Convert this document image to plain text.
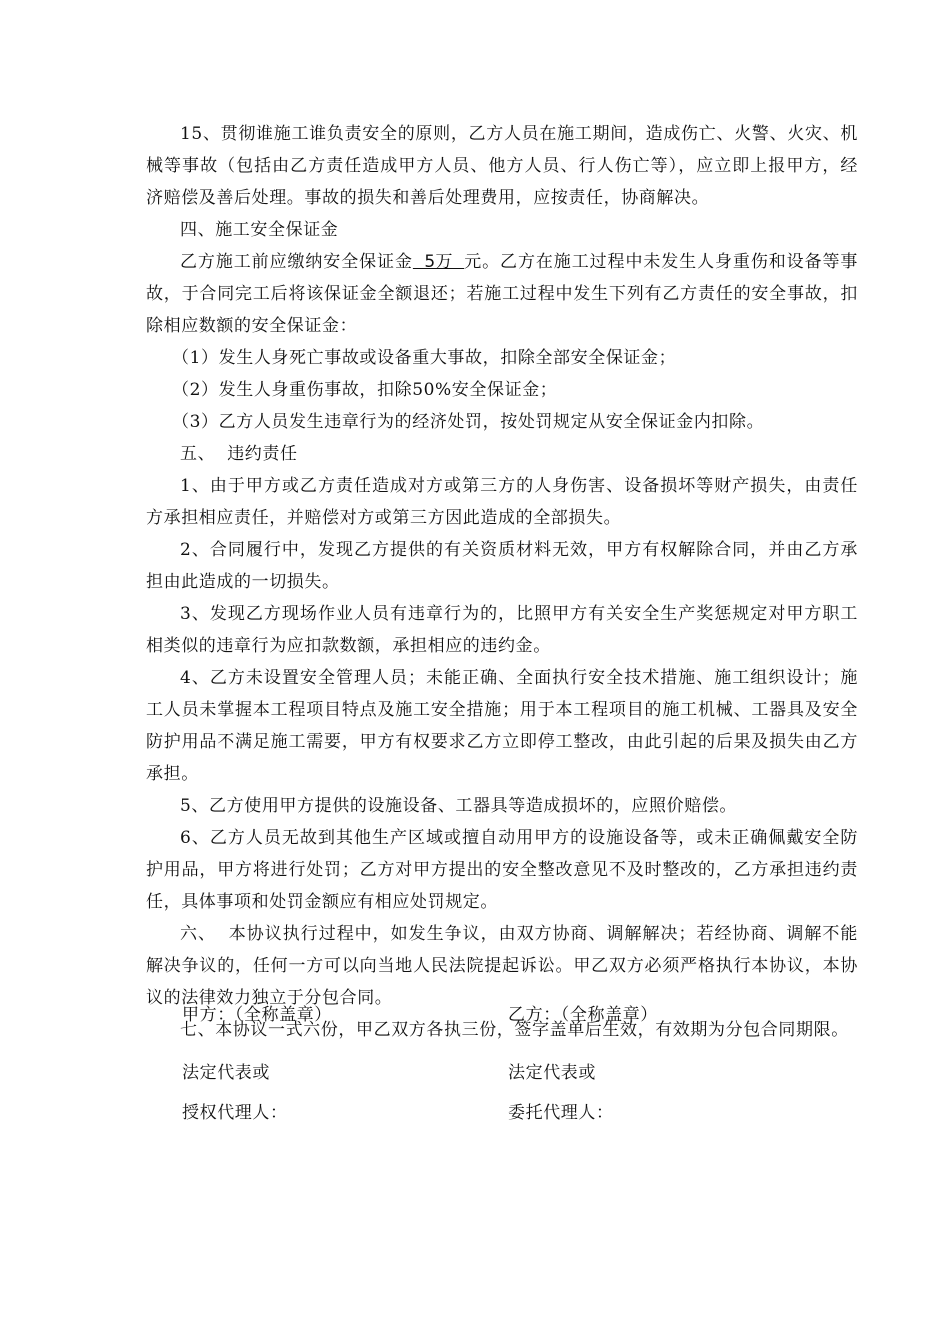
15、贯彻谁施工谁负责安全的原则，乙方人员在施工期间，造成伤亡、火警、火灾、机械等事故（包括由乙方责任造成甲方人员、他方人员、行人伤亡等），应立即上报甲方，经济赔偿及善后处理。事故的损失和善后处理费用，应按责任，协商解决。

四、施工安全保证金

乙方施工前应缴纳安全保证金  5万  元。乙方在施工过程中未发生人身重伤和设备等事故，于合同完工后将该保证金全额退还；若施工过程中发生下列有乙方责任的安全事故，扣除相应数额的安全保证金：

（1）发生人身死亡事故或设备重大事故，扣除全部安全保证金；

（2）发生人身重伤事故，扣除50%安全保证金；

（3）乙方人员发生违章行为的经济处罚，按处罚规定从安全保证金内扣除。

五、  违约责任

1、由于甲方或乙方责任造成对方或第三方的人身伤害、设备损坏等财产损失，由责任方承担相应责任，并赔偿对方或第三方因此造成的全部损失。

2、合同履行中，发现乙方提供的有关资质材料无效，甲方有权解除合同，并由乙方承担由此造成的一切损失。

3、发现乙方现场作业人员有违章行为的，比照甲方有关安全生产奖惩规定对甲方职工相类似的违章行为应扣款数额，承担相应的违约金。

4、乙方未设置安全管理人员；未能正确、全面执行安全技术措施、施工组织设计；施工人员未掌握本工程项目特点及施工安全措施；用于本工程项目的施工机械、工器具及安全防护用品不满足施工需要，甲方有权要求乙方立即停工整改，由此引起的后果及损失由乙方承担。

5、乙方使用甲方提供的设施设备、工器具等造成损坏的，应照价赔偿。

6、乙方人员无故到其他生产区域或擅自动用甲方的设施设备等，或未正确佩戴安全防护用品，甲方将进行处罚；乙方对甲方提出的安全整改意见不及时整改的，乙方承担违约责任，具体事项和处罚金额应有相应处罚规定。

六、  本协议执行过程中，如发生争议，由双方协商、调解解决；若经协商、调解不能解决争议的，任何一方可以向当地人民法院提起诉讼。甲乙双方必须严格执行本协议，本协议的法律效力独立于分包合同。

七、本协议一式六份，甲乙双方各执三份，签字盖单后生效，有效期为分包合同期限。

甲方：（全称盖章）	乙方：（全称盖章）
法定代表或	法定代表或
授权代理人：	委托代理人：
